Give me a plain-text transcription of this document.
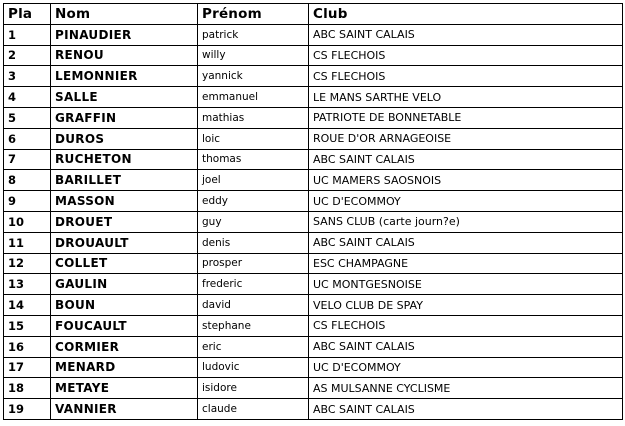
Pla	Nom	Prénom	Club
1	PINAUDIER	patrick	ABC SAINT CALAIS
2	RENOU	willy	CS FLECHOIS
3	LEMONNIER	yannick	CS FLECHOIS
4	SALLE	emmanuel	LE MANS SARTHE VELO
5	GRAFFIN	mathias	PATRIOTE DE BONNETABLE
6	DUROS	loic	ROUE D'OR ARNAGEOISE
7	RUCHETON	thomas	ABC SAINT CALAIS
8	BARILLET	joel	UC MAMERS SAOSNOIS
9	MASSON	eddy	UC D'ECOMMOY
10	DROUET	guy	SANS CLUB (carte journ?e)
11	DROUAULT	denis	ABC SAINT CALAIS
12	COLLET	prosper	ESC CHAMPAGNE
13	GAULIN	frederic	UC MONTGESNOISE
14	BOUN	david	VELO CLUB DE SPAY
15	FOUCAULT	stephane	CS FLECHOIS
16	CORMIER	eric	ABC SAINT CALAIS
17	MENARD	ludovic	UC D'ECOMMOY
18	METAYE	isidore	AS MULSANNE CYCLISME
19	VANNIER	claude	ABC SAINT CALAIS
